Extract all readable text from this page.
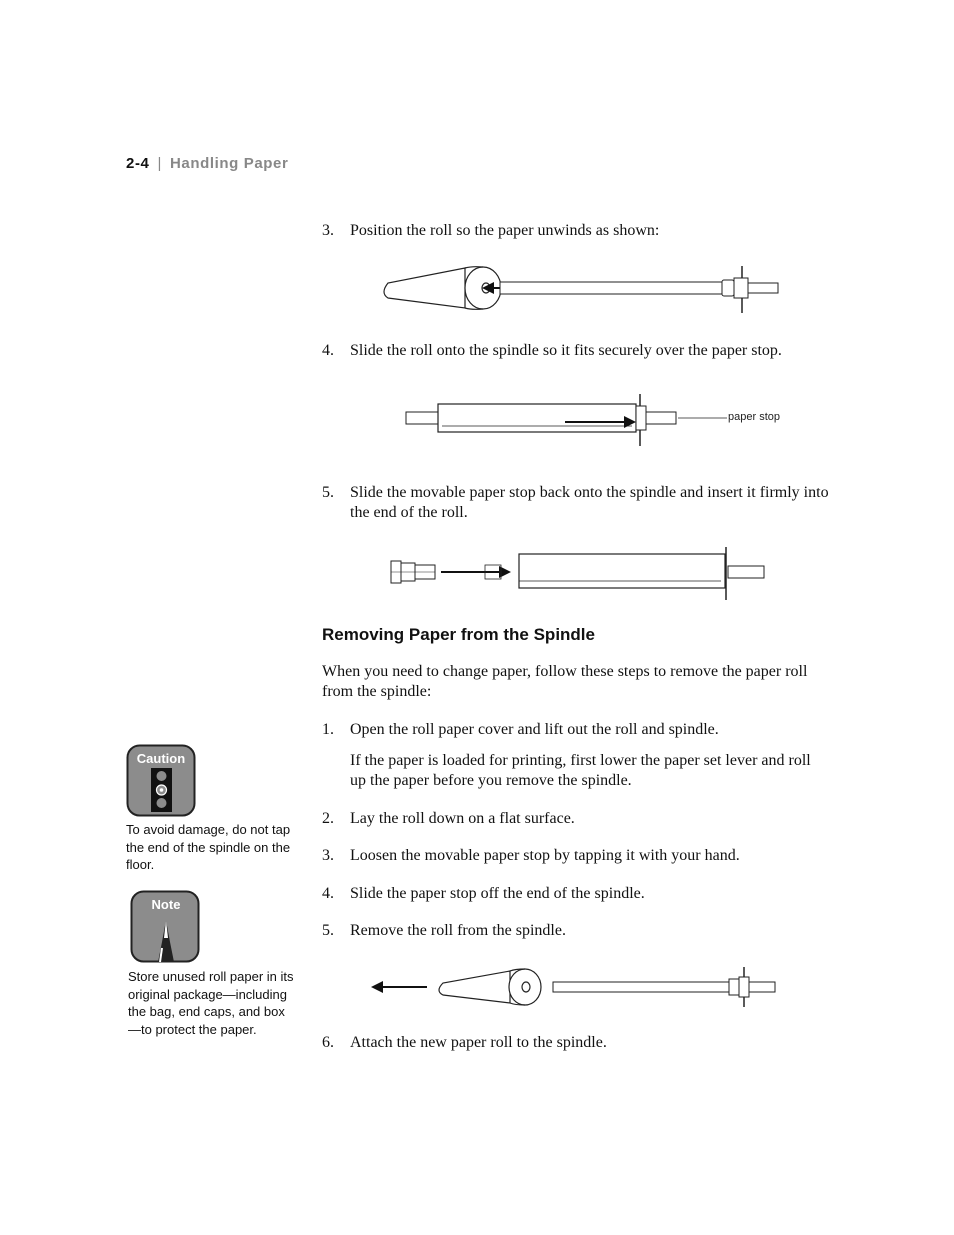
2-4 | Handling Paper
3. Position the roll so the paper unwinds as shown:
4. Slide the roll onto the spindle so it fits securely over the paper stop.
paper stop
5. Slide the movable paper stop back onto the spindle and insert it firmly into the end of the roll.
Removing Paper from the Spindle
When you need to change paper, follow these steps to remove the paper roll from the spindle:
1. Open the roll paper cover and lift out the roll and spindle.
If the paper is loaded for printing, first lower the paper set lever and roll up the paper before you remove the spindle.
2. Lay the roll down on a flat surface.
3. Loosen the movable paper stop by tapping it with your hand.
4. Slide the paper stop off the end of the spindle.
5. Remove the roll from the spindle.
6. Attach the new paper roll to the spindle.
Caution
To avoid damage, do not tap the end of the spindle on the floor.
Note
Store unused roll paper in its original package—including the bag, end caps, and box—to protect the paper.
